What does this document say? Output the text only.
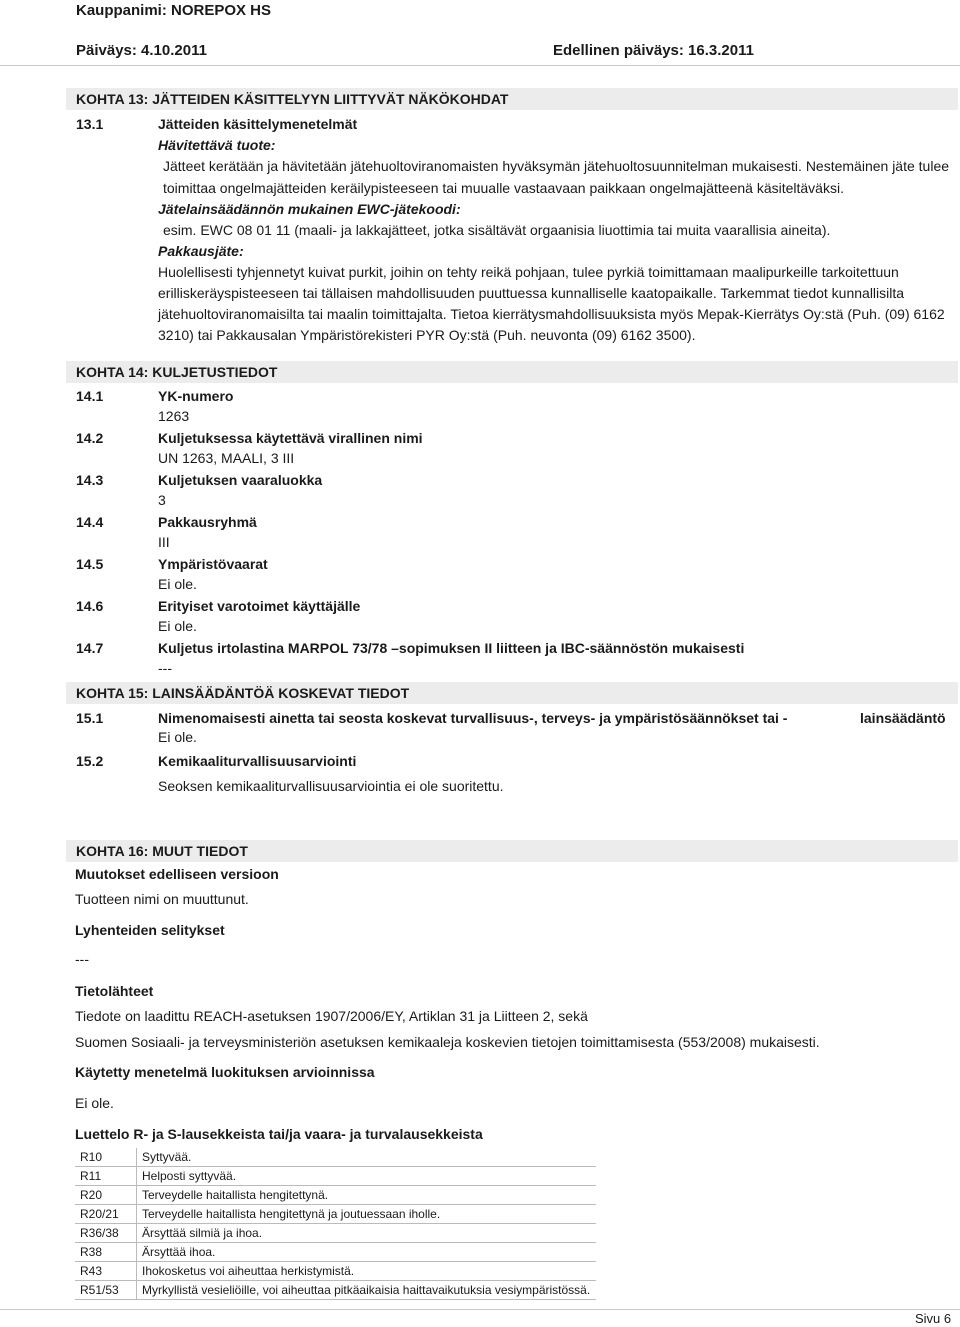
Kauppanimi: NOREPOX HS
Päiväys: 4.10.2011	Edellinen päiväys: 16.3.2011
KOHTA 13: JÄTTEIDEN KÄSITTELYYN LIITTYVÄT NÄKÖKOHDAT
13.1	Jätteiden käsittelymenetelmät
Hävitettävä tuote:
Jätteet kerätään ja hävitetään jätehuoltoviranomaisten hyväksymän jätehuoltosuunnitelman mukaisesti. Nestemäinen jäte tulee
toimittaa ongelmajätteiden keräilypisteeseen tai muualle vastaavaan paikkaan ongelmajätteenä käsiteltäväksi.
Jätelainsäädännön mukainen EWC-jätekoodi:
esim. EWC 08 01 11 (maali- ja lakkajätteet, jotka sisältävät orgaanisia liuottimia tai muita vaarallisia aineita).
Pakkausjäte:
Huolellisesti tyhjennetyt kuivat purkit, joihin on tehty reikä pohjaan, tulee pyrkiä toimittamaan maalipurkeille tarkoitettuun
erilliskeräyspisteeseen tai tällaisen mahdollisuuden puuttuessa kunnalliselle kaatopaikalle. Tarkemmat tiedot kunnallisilta
jätehuoltoviranomaisilta tai maalin toimittajalta. Tietoa kierrätysmahdollisuuksista myös Mepak-Kierrätys Oy:stä (Puh. (09) 6162
3210) tai Pakkausalan Ympäristörekisteri PYR Oy:stä (Puh. neuvonta (09) 6162 3500).
KOHTA 14: KULJETUSTIEDOT
14.1	YK-numero
1263
14.2	Kuljetuksessa käytettävä virallinen nimi
UN 1263, MAALI, 3 III
14.3	Kuljetuksen vaaraluokka
3
14.4	Pakkausryhmä
III
14.5	Ympäristövaarat
Ei ole.
14.6	Erityiset varotoimet käyttäjälle
Ei ole.
14.7	Kuljetus irtolastina MARPOL 73/78 –sopimuksen II liitteen ja IBC-säännöstön mukaisesti
---
KOHTA 15: LAINSÄÄDÄNTÖÄ KOSKEVAT TIEDOT
15.1	Nimenomaisesti ainetta tai seosta koskevat turvallisuus-, terveys- ja ympäristösäännökset tai -	lainsäädäntö
Ei ole.
15.2	Kemikaaliturvallisuusarviointi
Seoksen kemikaaliturvallisuusarviointia ei ole suoritettu.
KOHTA 16: MUUT TIEDOT
Muutokset edelliseen versioon
Tuotteen nimi on muuttunut.
Lyhenteiden selitykset
---
Tietolähteet
Tiedote on laadittu REACH-asetuksen 1907/2006/EY, Artiklan 31 ja Liitteen 2, sekä
Suomen Sosiaali- ja terveysministeriön asetuksen kemikaaleja koskevien tietojen toimittamisesta (553/2008) mukaisesti.
Käytetty menetelmä luokituksen arvioinnissa
Ei ole.
Luettelo R- ja S-lausekkeista tai/ja vaara- ja turvalausekkeista
R10	Syttyvää.
R11	Helposti syttyvää.
R20	Terveydelle haitallista hengitettynä.
R20/21	Terveydelle haitallista hengitettynä ja joutuessaan iholle.
R36/38	Ärsyttää silmiä ja ihoa.
R38	Ärsyttää ihoa.
R43	Ihokosketus voi aiheuttaa herkistymistä.
R51/53	Myrkyllistä vesieliöille, voi aiheuttaa pitkäaikaisia haittavaikutuksia vesiympäristössä.
Sivu 6
